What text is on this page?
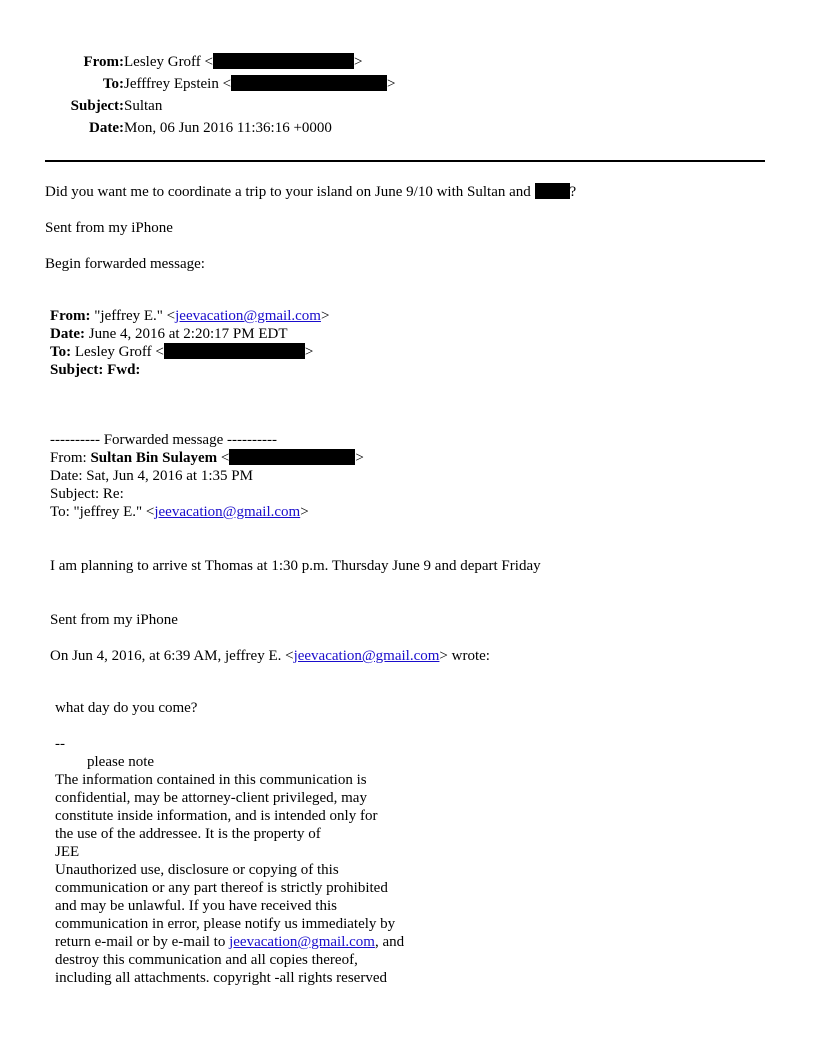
From: Lesley Groff <	>
To: Jefffrey Epstein <	>
Subject: Sultan
Date: Mon, 06 Jun 2016 11:36:16 +0000
Did you want me to coordinate a trip to your island on June 9/10 with Sultan and	?
Sent from my iPhone
Begin forwarded message:
From: "jeffrey E." <jeevacation@gmail.com>
Date: June 4, 2016 at 2:20:17 PM EDT
To: Lesley Groff <	>
Subject: Fwd:
---------- Forwarded message ----------
From: Sultan Bin Sulayem <	>
Date: Sat, Jun 4, 2016 at 1:35 PM
Subject: Re:
To: "jeffrey E." <jeevacation@gmail.com>
I am planning to arrive st Thomas at 1:30 p.m. Thursday June 9 and depart Friday
Sent from my iPhone
On Jun 4, 2016, at 6:39 AM, jeffrey E. <jeevacation@gmail.com> wrote:
what day do you come?
--
please note
The information contained in this communication is
confidential, may be attorney-client privileged, may
constitute inside information, and is intended only for
the use of the addressee. It is the property of
JEE
Unauthorized use, disclosure or copying of this
communication or any part thereof is strictly prohibited
and may be unlawful. If you have received this
communication in error, please notify us immediately by
return e-mail or by e-mail to jeevacation@gmail.com, and
destroy this communication and all copies thereof,
including all attachments. copyright -all rights reserved
